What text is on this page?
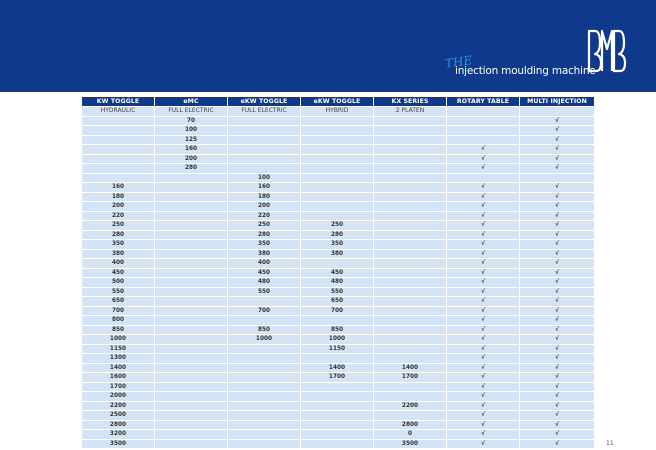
THE
injection moulding machine
KW TOGGLE	eMC	eKW TOGGLE	eKW TOGGLE	KX SERIES	ROTARY TABLE	MULTI INJECTION
HYDRAULIC	FULL ELECTRIC	FULL ELECTRIC	HYBRID	2 PLATEN		
	70					√
	100					√
	125					√
	160				√	√
	200				√	√
	280				√	√
		100				
160		160			√	√
180		180			√	√
200		200			√	√
220		220			√	√
250		250	250		√	√
280		280	280		√	√
350		350	350		√	√
380		380	380		√	√
400		400			√	√
450		450	450		√	√
500		480	480		√	√
550		550	550		√	√
650			650		√	√
700		700	700		√	√
800					√	√
850		850	850		√	√
1000		1000	1000		√	√
1150			1150		√	√
1300					√	√
1400			1400	1400	√	√
1600			1700	1700	√	√
1700					√	√
2000					√	√
2200				2200	√	√
2500					√	√
2800				2800	√	√
3200				0	√	√
3500				3500	√	√	11
